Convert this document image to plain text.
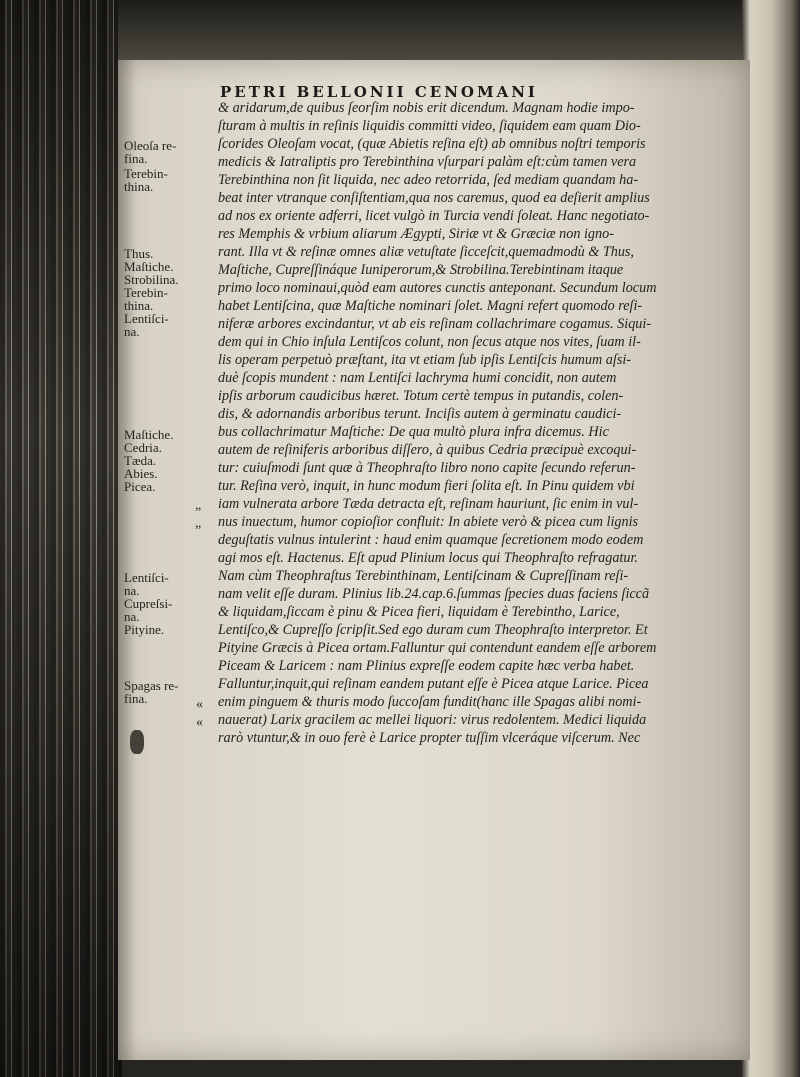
PETRI BELLONII CENOMANI
& aridarum,de quibus ſeorſim nobis erit dicendum. Magnam hodie impo-
ſturam à multis in reſinis liquidis committi video, ſiquidem eam quam Dio-
ſcorides Oleoſam vocat, (quæ Abietis reſina eſt) ab omnibus noſtri temporis
medicis & Iatraliptis pro Terebinthina vſurpari palàm eſt:cùm tamen vera
Terebinthina non ſit liquida, nec adeo retorrida, ſed mediam quandam ha-
beat inter vtranque conſiſtentiam,qua nos caremus, quod ea deſierit amplius
ad nos ex oriente adferri, licet vulgò in Turcia vendi ſoleat. Hanc negotiato-
res Memphis & vrbium aliarum Ægypti, Siriæ vt & Græciæ non igno-
rant. Illa vt & reſinæ omnes aliæ vetuſtate ſicceſcit,quemadmodù & Thus,
Maſtiche, Cupreſſináque Iuniperorum,& Strobilina.Terebintinam itaque
primo loco nominaui,quòd eam autores cunctis anteponant. Secundum locum
habet Lentiſcina, quæ Maſtiche nominari ſolet. Magni refert quomodo reſi-
niferæ arbores excindantur, vt ab eis reſinam collachrimare cogamus. Siqui-
dem qui in Chio inſula Lentiſcos colunt, non ſecus atque nos vites, ſuam il-
lis operam perpetuò præſtant, ita vt etiam ſub ipſis Lentiſcis humum aſsi-
duè ſcopis mundent : nam Lentiſci lachryma humi concidit, non autem
ipſis arborum caudicibus hæret. Totum certè tempus in putandis, colen-
dis, & adornandis arboribus terunt. Inciſis autem à germinatu caudici-
bus collachrimatur Maſtiche: De qua multò plura infra dicemus. Hic
autem de reſiniferis arboribus diſſero, à quibus Cedria præcipuè excoqui-
tur: cuiuſmodi ſunt quæ à Theophraſto libro nono capite ſecundo referun-
tur. Reſina verò, inquit, in hunc modum fieri ſolita eſt. In Pinu quidem vbi
iam vulnerata arbore Tæda detracta eſt, reſinam hauriunt, ſic enim in vul-
nus inuectum, humor copioſior confluit: In abiete verò & picea cum lignis
deguſtatis vulnus intulerint : haud enim quamque ſecretionem modo eodem
agi mos eſt. Hactenus. Eſt apud Plinium locus qui Theophraſto refragatur.
Nam cùm Theophraſtus Terebinthinam, Lentiſcinam & Cupreſſinam reſi-
nam velit eſſe duram. Plinius lib.24.cap.6.ſummas ſpecies duas faciens ſiccã
& liquidam,ſiccam è pinu & Picea fieri, liquidam è Terebintho, Larice,
Lentiſco,& Cupreſſo ſcripſit.Sed ego duram cum Theophraſto interpretor. Et
Pityine Græcis à Picea ortam.Falluntur qui contendunt eandem eſſe arborem
Piceam & Laricem : nam Plinius expreſſe eodem capite hæc verba habet.
Falluntur,inquit,qui reſinam eandem putant eſſe è Picea atque Larice. Picea
enim pinguem & thuris modo ſuccoſam fundit(hanc ille Spagas alibi nomi-
nauerat) Larix gracilem ac mellei liquori: virus redolentem. Medici liquida
rarò vtuntur,& in ouo ferè è Larice propter tuſſim vlceráque viſcerum. Nec
Oleoſa re-
fina.
Terebin-
thina.
Thus.
Maſtiche.
Strobilina.
Terebin-
thina.
Lentiſci-
na.
Maſtiche.
Cedria.
Tæda.
Abies.
Picea.
Lentiſci-
na.
Cupreſsi-
na.
Pityine.
Spagas re-
fina.
„
„
«
«
